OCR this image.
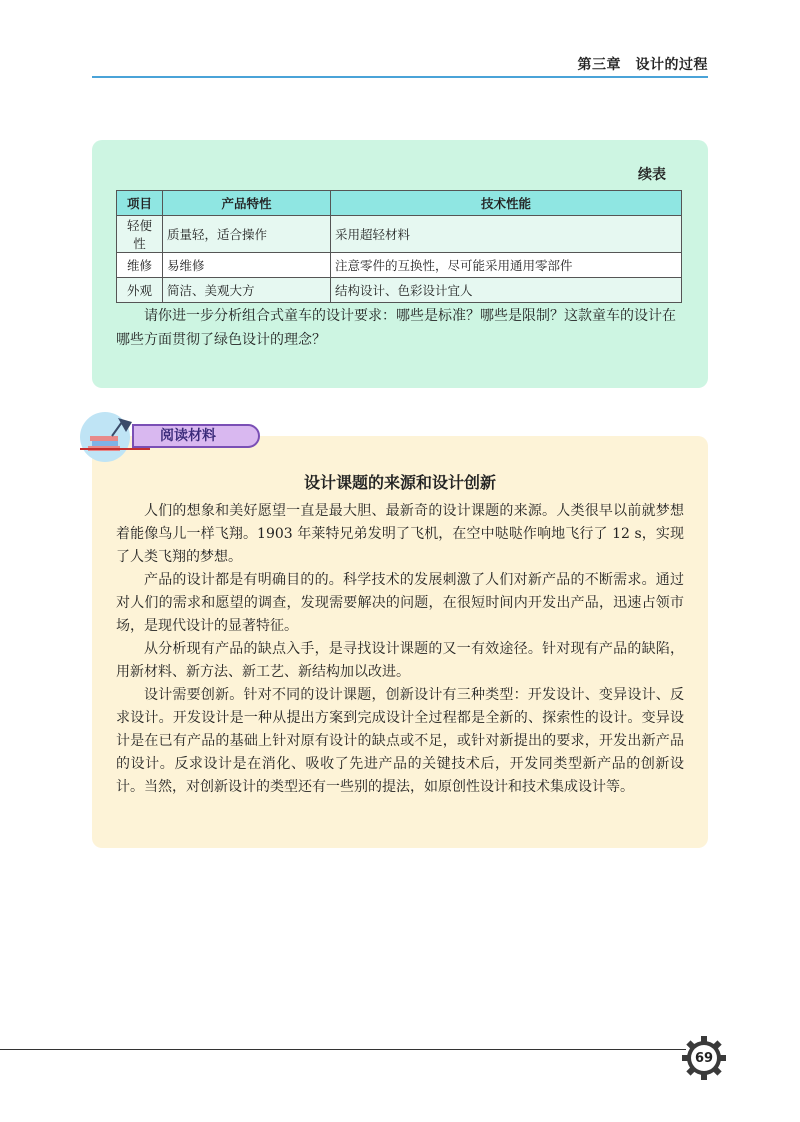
第三章　设计的过程
续表
项目	产品特性	技术性能
轻便性	质量轻，适合操作	采用超轻材料
维修	易维修	注意零件的互换性，尽可能采用通用零部件
外观	简洁、美观大方	结构设计、色彩设计宜人

请你进一步分析组合式童车的设计要求：哪些是标准？哪些是限制？这款童车的设计在哪些方面贯彻了绿色设计的理念？

设计课题的来源和设计创新

人们的想象和美好愿望一直是最大胆、最新奇的设计课题的来源。人类很早以前就梦想着能像鸟儿一样飞翔。1903 年莱特兄弟发明了飞机，在空中哒哒作响地飞行了 12 s，实现了人类飞翔的梦想。

产品的设计都是有明确目的的。科学技术的发展刺激了人们对新产品的不断需求。通过对人们的需求和愿望的调查，发现需要解决的问题，在很短时间内开发出产品，迅速占领市场，是现代设计的显著特征。

从分析现有产品的缺点入手，是寻找设计课题的又一有效途径。针对现有产品的缺陷，用新材料、新方法、新工艺、新结构加以改进。

设计需要创新。针对不同的设计课题，创新设计有三种类型：开发设计、变异设计、反求设计。开发设计是一种从提出方案到完成设计全过程都是全新的、探索性的设计。变异设计是在已有产品的基础上针对原有设计的缺点或不足，或针对新提出的要求，开发出新产品的设计。反求设计是在消化、吸收了先进产品的关键技术后，开发同类型新产品的创新设计。当然，对创新设计的类型还有一些别的提法，如原创性设计和技术集成设计等。

阅读材料
69
